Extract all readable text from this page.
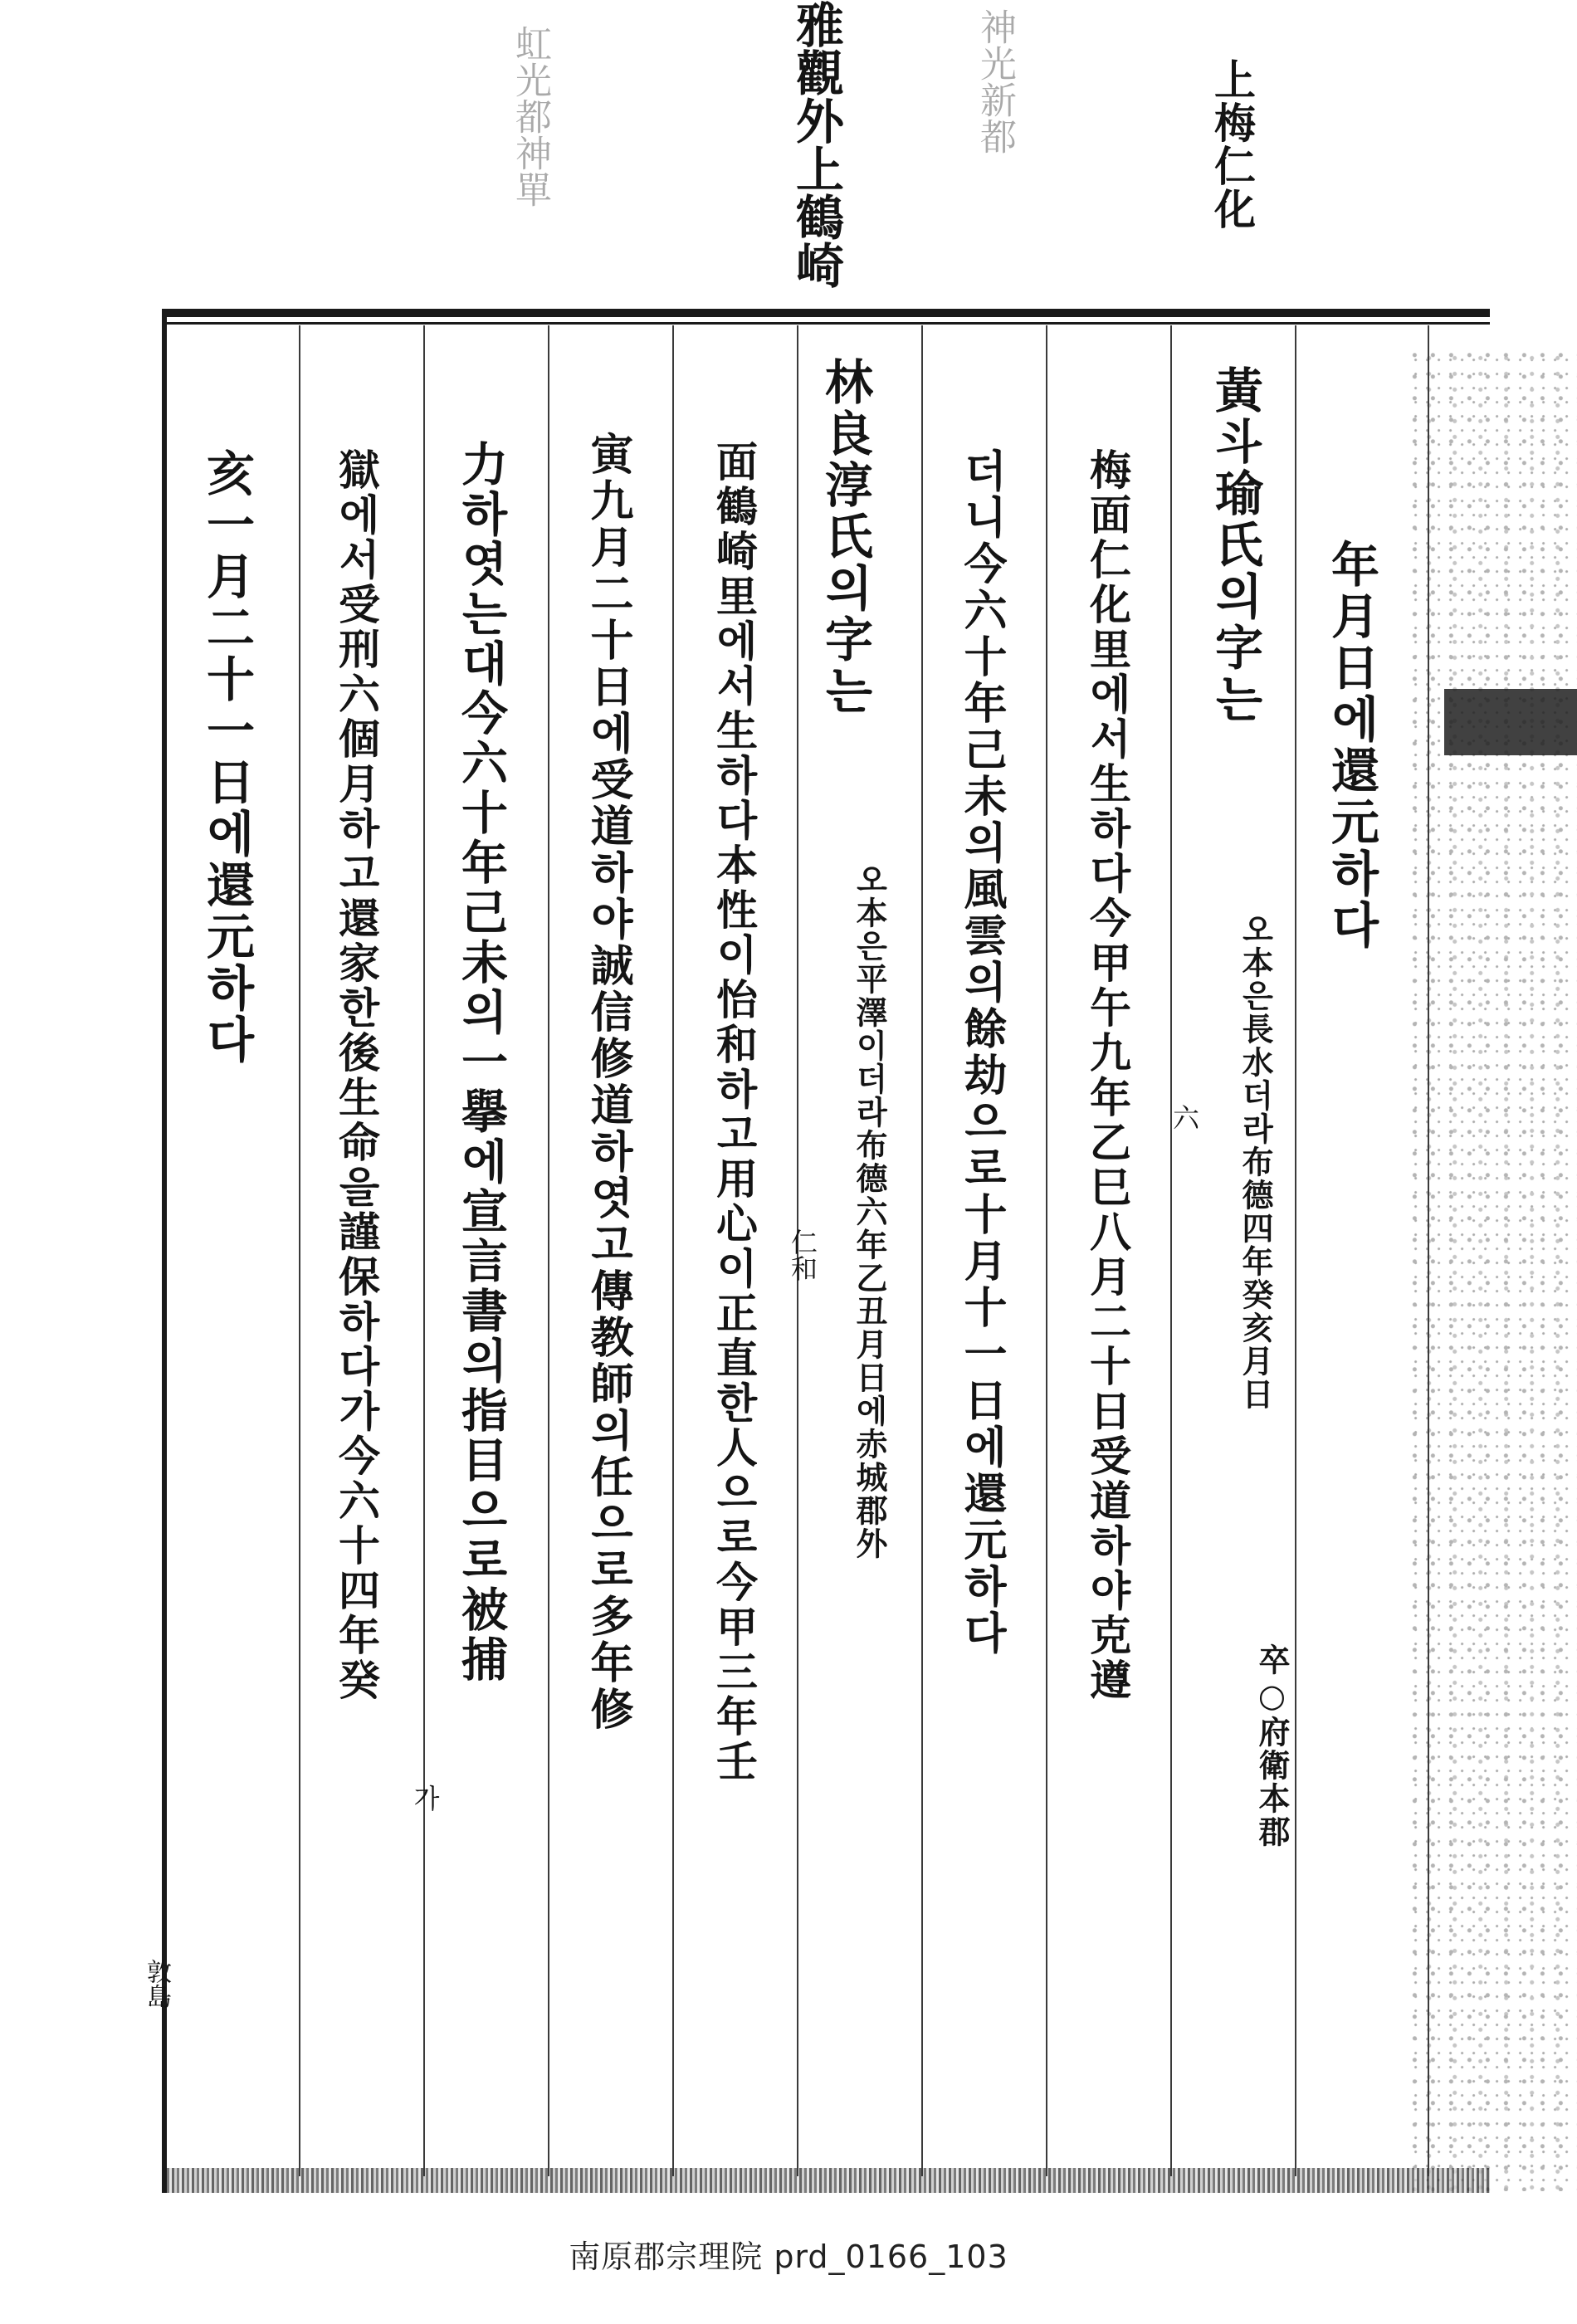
虹光都神單	神光新都
雅觀外上鶴崎	上梅仁化
年月日에還元하다
卒○府衛本郡
黃斗瑜氏의字는
오本은長水더라布德四年癸亥月日
梅面仁化里에서生하다今甲午九年乙巳八月二十日受道하야克遵	六
더니今六十年己未의風雲의餘劫으로十月十一日에還元하다
林良淳氏의字는
오本은平澤이더라布德六年乙丑月日에赤城郡外
面鶴崎里에서生하다本性이怡和하고用心이正直한人으로今甲三年壬	仁和
寅九月二十日에受道하야誠信修道하엿고傳教師의任으로多年修
力하엿는대今六十年己未의一擧에宣言書의指目으로被捕
獄에서受刑六個月하고還家한後生命을謹保하다가今六十四年癸
가
亥一月二十一日에還元하다
敦島
南原郡宗理院 prd_0166_103
